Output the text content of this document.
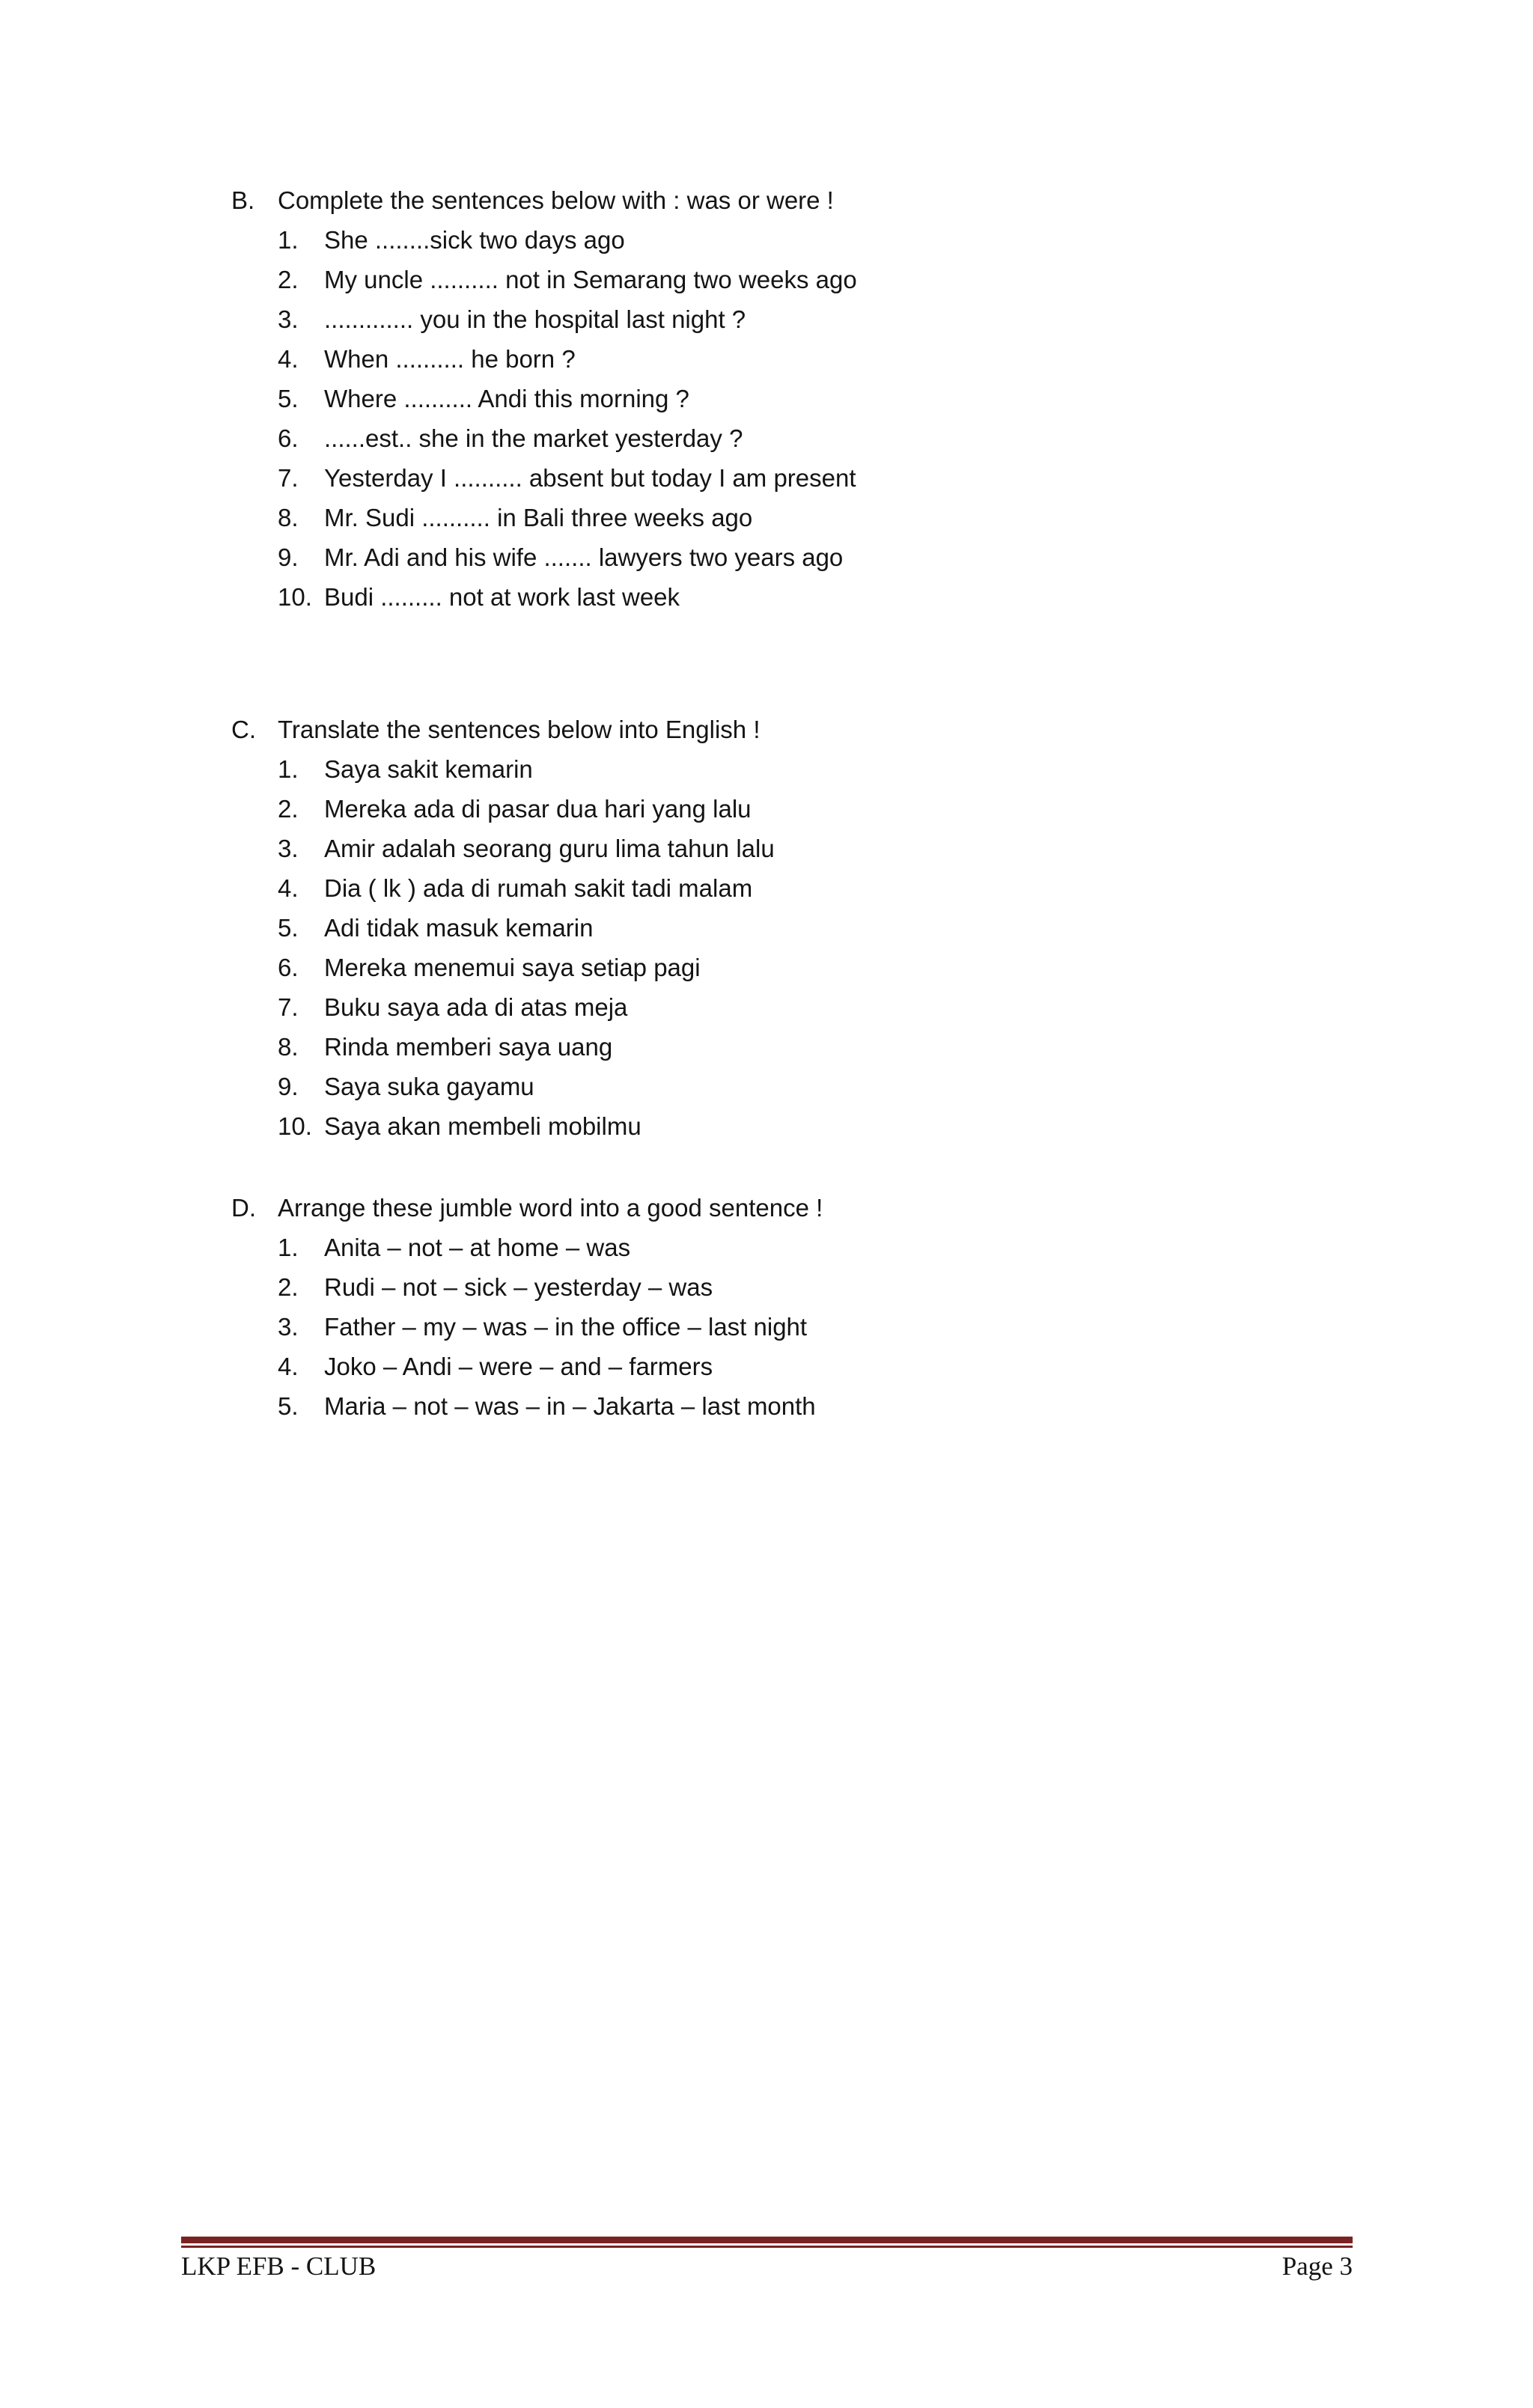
B. Complete the sentences below with : was or were !
1. She ........sick two days ago
2. My uncle .......... not in Semarang two weeks ago
3. ............. you in the hospital last night ?
4. When .......... he born ?
5. Where .......... Andi this morning ?
6. ......est.. she in the market yesterday ?
7. Yesterday I .......... absent but today I am present
8. Mr. Sudi .......... in Bali three weeks ago
9. Mr. Adi and his wife ....... lawyers two years ago
10. Budi ......... not at work last week
C. Translate the sentences below into English !
1. Saya sakit kemarin
2. Mereka ada di pasar dua hari yang lalu
3. Amir adalah seorang guru lima tahun lalu
4. Dia ( lk ) ada di rumah sakit tadi malam
5. Adi tidak masuk kemarin
6. Mereka menemui saya setiap pagi
7. Buku saya ada di atas meja
8. Rinda memberi saya uang
9. Saya suka gayamu
10. Saya akan membeli mobilmu
D. Arrange these jumble word into a good sentence !
1. Anita – not – at home – was
2. Rudi – not – sick – yesterday – was
3. Father – my – was – in the office – last night
4. Joko – Andi – were – and – farmers
5. Maria – not – was – in – Jakarta – last month
LKP EFB - CLUB	Page 3
